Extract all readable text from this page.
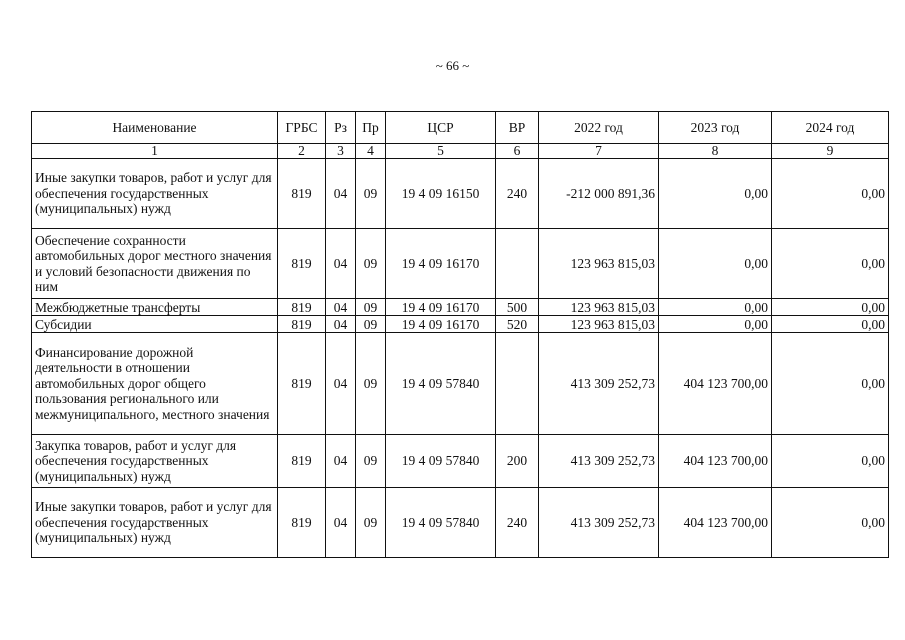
~ 66 ~
Наименование	ГРБС	Рз	Пр	ЦСР	ВР	2022 год	2023 год	2024 год
1	2	3	4	5	6	7	8	9
Иные закупки товаров, работ и услуг для обеспечения государственных (муниципальных) нужд	819	04	09	19 4 09 16150	240	-212 000 891,36	0,00	0,00
Обеспечение сохранности автомобильных дорог местного значения и условий безопасности движения по ним	819	04	09	19 4 09 16170		123 963 815,03	0,00	0,00
Межбюджетные трансферты	819	04	09	19 4 09 16170	500	123 963 815,03	0,00	0,00
Субсидии	819	04	09	19 4 09 16170	520	123 963 815,03	0,00	0,00
Финансирование дорожной деятельности в отношении автомобильных дорог общего пользования регионального или межмуниципального, местного значения	819	04	09	19 4 09 57840		413 309 252,73	404 123 700,00	0,00
Закупка товаров, работ и услуг для обеспечения государственных (муниципальных) нужд	819	04	09	19 4 09 57840	200	413 309 252,73	404 123 700,00	0,00
Иные закупки товаров, работ и услуг для обеспечения государственных (муниципальных) нужд	819	04	09	19 4 09 57840	240	413 309 252,73	404 123 700,00	0,00
